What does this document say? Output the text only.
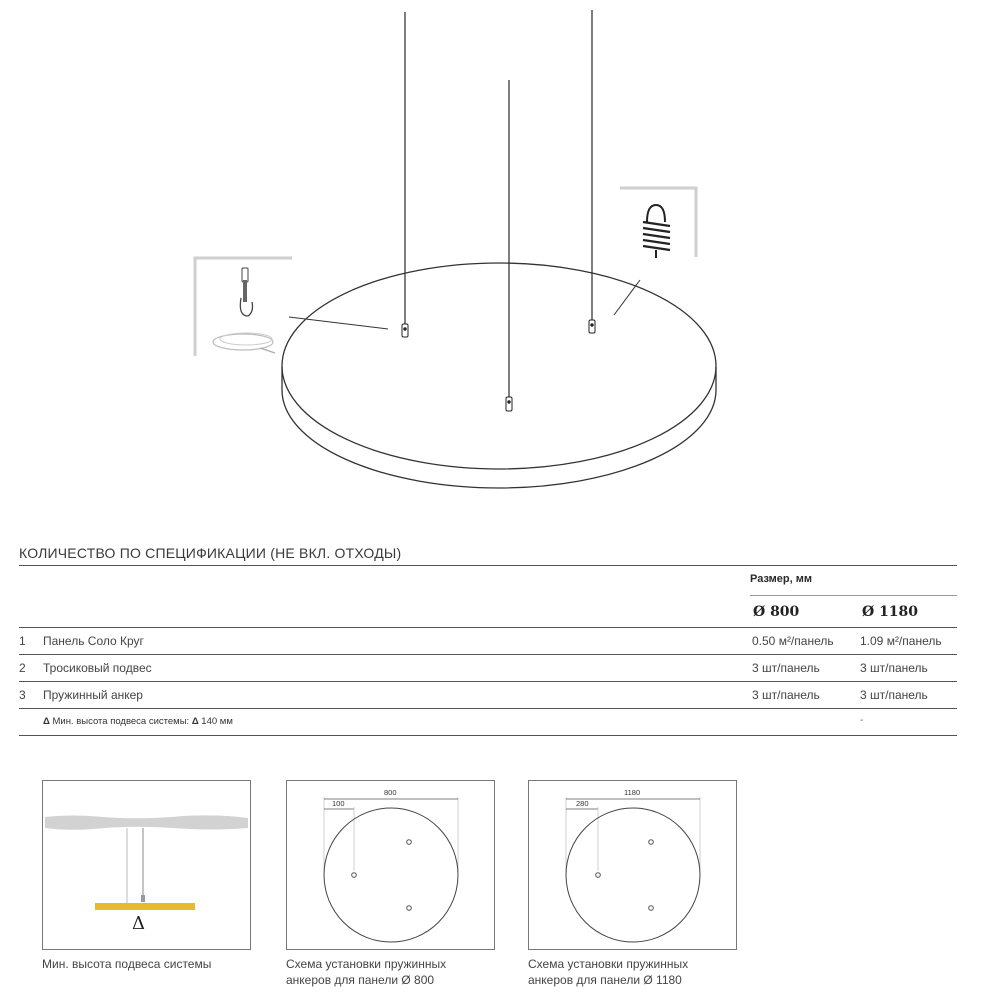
КОЛИЧЕСТВО ПО СПЕЦИФИКАЦИИ (НЕ ВКЛ. ОТХОДЫ)
Размер, мм
Ø 800	Ø 1180
1 Панель Соло Круг	0.50 м²/панель 1.09 м²/панель
2 Тросиковый подвес	3 шт/панель	3 шт/панель
3 Пружинный анкер	3 шт/панель	3 шт/панель
Δ Мин. высота подвеса системы: Δ 140 мм	-
Δ
Мин. высота подвеса системы
800
100
Схема установки пружинных
анкеров для панели Ø 800
1180
280
Схема установки пружинных
анкеров для панели Ø 1180
